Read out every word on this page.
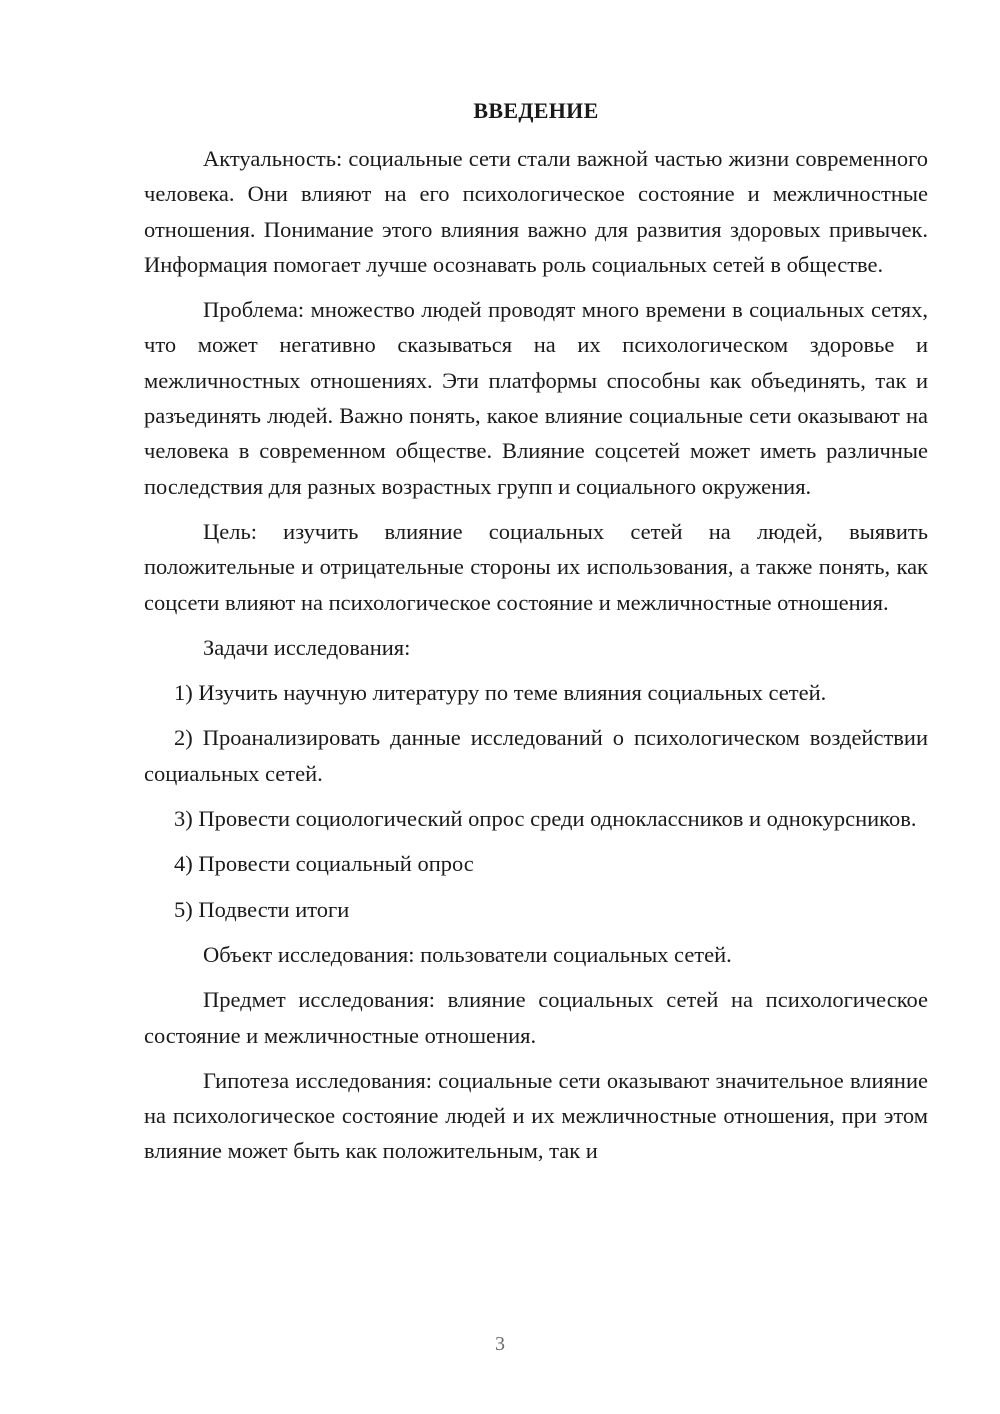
ВВЕДЕНИЕ

Актуальность: социальные сети стали важной частью жизни современного человека. Они влияют на его психологическое состояние и межличностные отношения. Понимание этого влияния важно для развития здоровых привычек. Информация помогает лучше осознавать роль социальных сетей в обществе.

Проблема: множество людей проводят много времени в социальных сетях, что может негативно сказываться на их психологическом здоровье и межличностных отношениях. Эти платформы способны как объединять, так и разъединять людей. Важно понять, какое влияние социальные сети оказывают на человека в современном обществе. Влияние соцсетей может иметь различные последствия для разных возрастных групп и социального окружения.

Цель: изучить влияние социальных сетей на людей, выявить положительные и отрицательные стороны их использования, а также понять, как соцсети влияют на психологическое состояние и межличностные отношения.

Задачи исследования:

1) Изучить научную литературу по теме влияния социальных сетей.

2) Проанализировать данные исследований о психологическом воздействии социальных сетей.

3) Провести социологический опрос среди одноклассников и однокурсников.

4) Провести социальный опрос

5) Подвести итоги

Объект исследования: пользователи социальных сетей.

Предмет исследования: влияние социальных сетей на психологическое состояние и межличностные отношения.

Гипотеза исследования: социальные сети оказывают значительное влияние на психологическое состояние людей и их межличностные отношения, при этом влияние может быть как положительным, так и

3
